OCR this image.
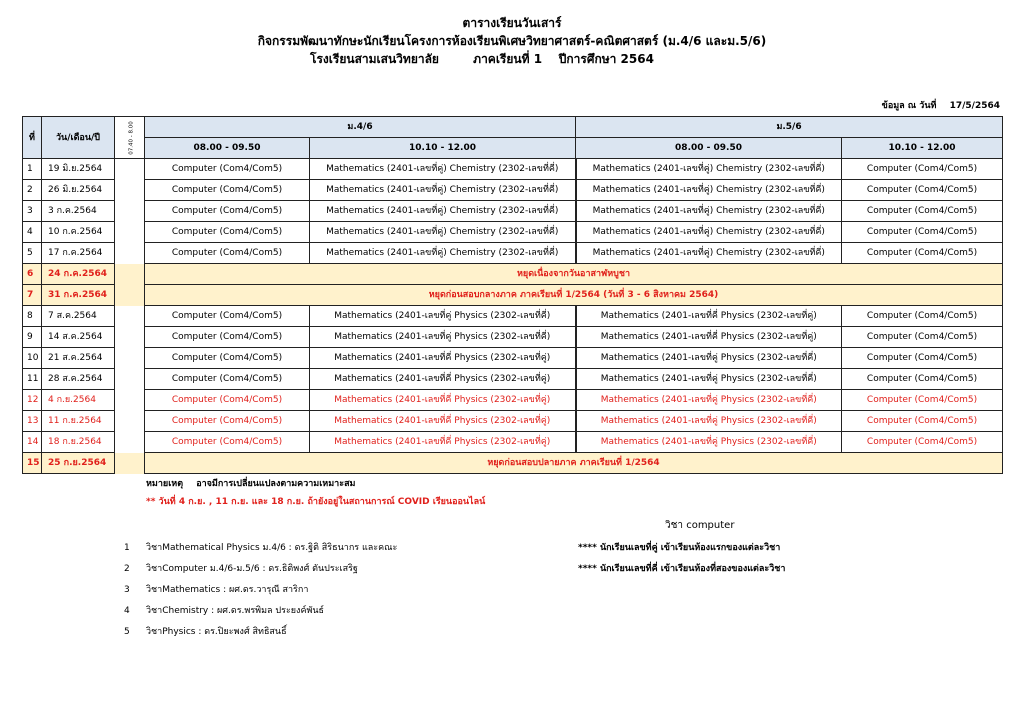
ตารางเรียนวันเสาร์
กิจกรรมพัฒนาทักษะนักเรียนโครงการห้องเรียนพิเศษวิทยาศาสตร์-คณิตศาสตร์ (ม.4/6 และม.5/6)
โรงเรียนสามเสนวิทยาลัย	ภาคเรียนที่ 1 ปีการศึกษา 2564
ข้อมูล ณ วันที่ 17/5/2564
ที่	วัน/เดือน/ปี	07.40 - 8.00	ม.4/6		ม.5/6	
			08.00 - 09.50	10.10 - 12.00	08.00 - 09.50	10.10 - 12.00
1	19 มิ.ย.2564		Computer (Com4/Com5)	Mathematics (2401-เลขที่คู่) Chemistry (2302-เลขที่คี่)	Mathematics (2401-เลขที่คู่) Chemistry (2302-เลขที่คี่)	Computer (Com4/Com5)
2	26 มิ.ย.2564		Computer (Com4/Com5)	Mathematics (2401-เลขที่คู่) Chemistry (2302-เลขที่คี่)	Mathematics (2401-เลขที่คู่) Chemistry (2302-เลขที่คี่)	Computer (Com4/Com5)
3	3 ก.ค.2564		Computer (Com4/Com5)	Mathematics (2401-เลขที่คู่) Chemistry (2302-เลขที่คี่)	Mathematics (2401-เลขที่คู่) Chemistry (2302-เลขที่คี่)	Computer (Com4/Com5)
4	10 ก.ค.2564		Computer (Com4/Com5)	Mathematics (2401-เลขที่คู่) Chemistry (2302-เลขที่คี่)	Mathematics (2401-เลขที่คู่) Chemistry (2302-เลขที่คี่)	Computer (Com4/Com5)
5	17 ก.ค.2564		Computer (Com4/Com5)	Mathematics (2401-เลขที่คู่) Chemistry (2302-เลขที่คี่)	Mathematics (2401-เลขที่คู่) Chemistry (2302-เลขที่คี่)	Computer (Com4/Com5)
6	24 ก.ค.2564		หยุดเนื่องจากวันอาสาฬหบูชา			
7	31 ก.ค.2564		หยุดก่อนสอบกลางภาค ภาคเรียนที่ 1/2564 (วันที่ 3 - 6 สิงหาคม 2564)			
8	7 ส.ค.2564		Computer (Com4/Com5)	Mathematics (2401-เลขที่คู่ Physics (2302-เลขที่คี่)	Mathematics (2401-เลขที่คี่ Physics (2302-เลขที่คู่)	Computer (Com4/Com5)
9	14 ส.ค.2564		Computer (Com4/Com5)	Mathematics (2401-เลขที่คู่ Physics (2302-เลขที่คี่)	Mathematics (2401-เลขที่คี่ Physics (2302-เลขที่คู่)	Computer (Com4/Com5)
10	21 ส.ค.2564		Computer (Com4/Com5)	Mathematics (2401-เลขที่คี่ Physics (2302-เลขที่คู่)	Mathematics (2401-เลขที่คู่ Physics (2302-เลขที่คี่)	Computer (Com4/Com5)
11	28 ส.ค.2564		Computer (Com4/Com5)	Mathematics (2401-เลขที่คี่ Physics (2302-เลขที่คู่)	Mathematics (2401-เลขที่คู่ Physics (2302-เลขที่คี่)	Computer (Com4/Com5)
12	4 ก.ย.2564		Computer (Com4/Com5)	Mathematics (2401-เลขที่คี่ Physics (2302-เลขที่คู่)	Mathematics (2401-เลขที่คู่ Physics (2302-เลขที่คี่)	Computer (Com4/Com5)
13	11 ก.ย.2564		Computer (Com4/Com5)	Mathematics (2401-เลขที่คี่ Physics (2302-เลขที่คู่)	Mathematics (2401-เลขที่คู่ Physics (2302-เลขที่คี่)	Computer (Com4/Com5)
14	18 ก.ย.2564		Computer (Com4/Com5)	Mathematics (2401-เลขที่คี่ Physics (2302-เลขที่คู่)	Mathematics (2401-เลขที่คู่ Physics (2302-เลขที่คี่)	Computer (Com4/Com5)
15	25 ก.ย.2564		หยุดก่อนสอบปลายภาค ภาคเรียนที่ 1/2564			
หมายเหตุ อาจมีการเปลี่ยนแปลงตามความเหมาะสม
** วันที่ 4 ก.ย. , 11 ก.ย. และ 18 ก.ย. ถ้ายังอยู่ในสถานการณ์ COVID เรียนออนไลน์
วิชา computer
**** นักเรียนเลขที่คู่ เข้าเรียนห้องแรกของแต่ละวิชา
**** นักเรียนเลขที่คี่ เข้าเรียนห้องที่สองของแต่ละวิชา
1 วิชาMathematical Physics ม.4/6 : ดร.ฐิติ สิริธนากร และคณะ
2 วิชาComputer ม.4/6-ม.5/6 : ดร.ธิติพงศ์ ตันประเสริฐ
3 วิชาMathematics : ผศ.ดร.วารุณี สาริกา
4 วิชาChemistry : ผศ.ดร.พรพิมล ประยงค์พันธ์
5 วิชาPhysics : ดร.ปิยะพงศ์ สิทธิสนธิ์
